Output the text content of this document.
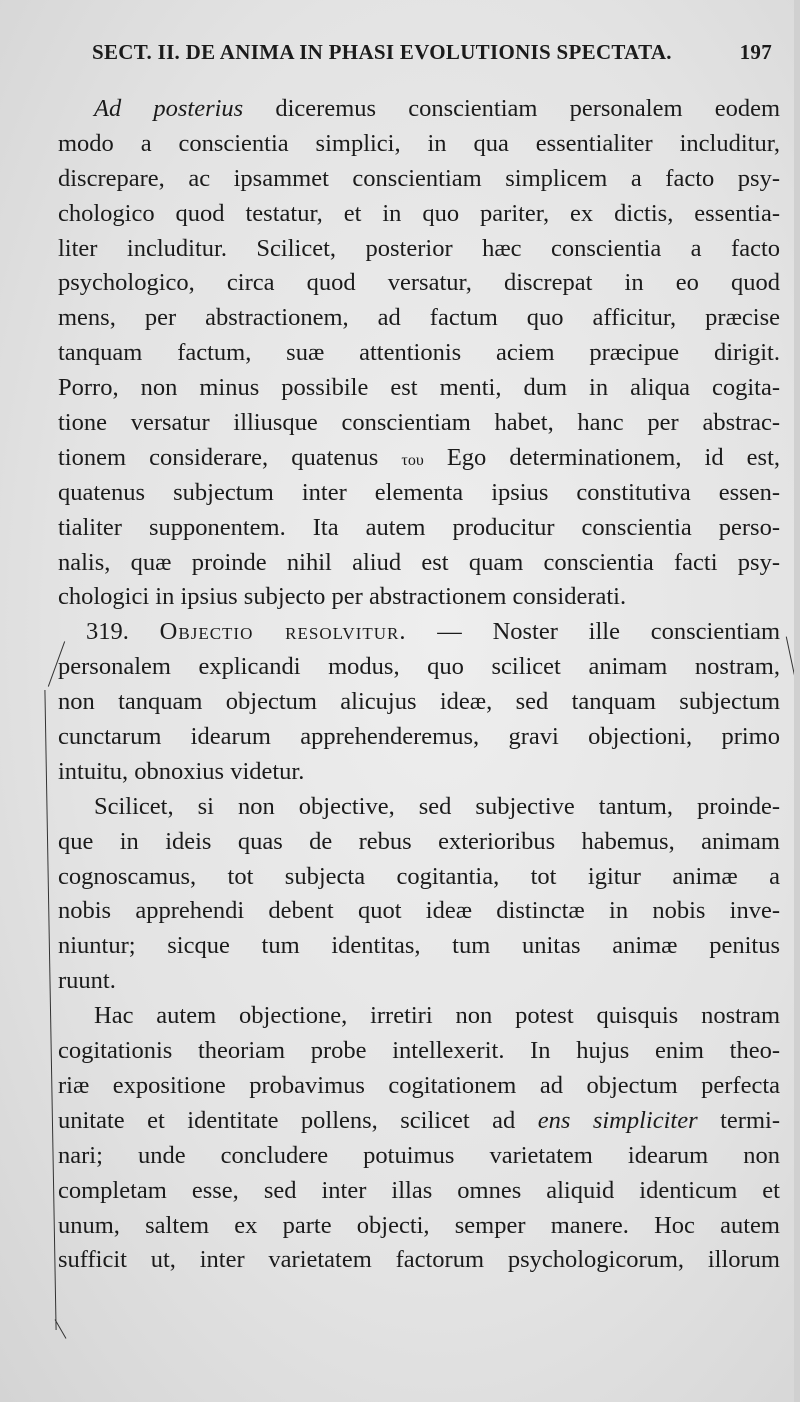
SECT. II. DE ANIMA IN PHASI EVOLUTIONIS SPECTATA.	197
Ad posterius diceremus conscientiam personalem eodem
modo a conscientia simplici, in qua essentialiter includitur,
discrepare, ac ipsammet conscientiam simplicem a facto psy-
chologico quod testatur, et in quo pariter, ex dictis, essentia-
liter includitur. Scilicet, posterior hæc conscientia a facto
psychologico, circa quod versatur, discrepat in eo quod
mens, per abstractionem, ad factum quo afficitur, præcise
tanquam factum, suæ attentionis aciem præcipue dirigit.
Porro, non minus possibile est menti, dum in aliqua cogita-
tione versatur illiusque conscientiam habet, hanc per abstrac-
tionem considerare, quatenus του Ego determinationem, id est,
quatenus subjectum inter elementa ipsius constitutiva essen-
tialiter supponentem. Ita autem producitur conscientia perso-
nalis, quæ proinde nihil aliud est quam conscientia facti psy-
chologici in ipsius subjecto per abstractionem considerati.
319. Objectio resolvitur. — Noster ille conscientiam
personalem explicandi modus, quo scilicet animam nostram,
non tanquam objectum alicujus ideæ, sed tanquam subjectum
cunctarum idearum apprehenderemus, gravi objectioni, primo
intuitu, obnoxius videtur.
Scilicet, si non objective, sed subjective tantum, proinde-
que in ideis quas de rebus exterioribus habemus, animam
cognoscamus, tot subjecta cogitantia, tot igitur animæ a
nobis apprehendi debent quot ideæ distinctæ in nobis inve-
niuntur; sicque tum identitas, tum unitas animæ penitus
ruunt.
Hac autem objectione, irretiri non potest quisquis nostram
cogitationis theoriam probe intellexerit. In hujus enim theo-
riæ expositione probavimus cogitationem ad objectum perfecta
unitate et identitate pollens, scilicet ad ens simpliciter termi-
nari; unde concludere potuimus varietatem idearum non
completam esse, sed inter illas omnes aliquid identicum et
unum, saltem ex parte objecti, semper manere. Hoc autem
sufficit ut, inter varietatem factorum psychologicorum, illorum
